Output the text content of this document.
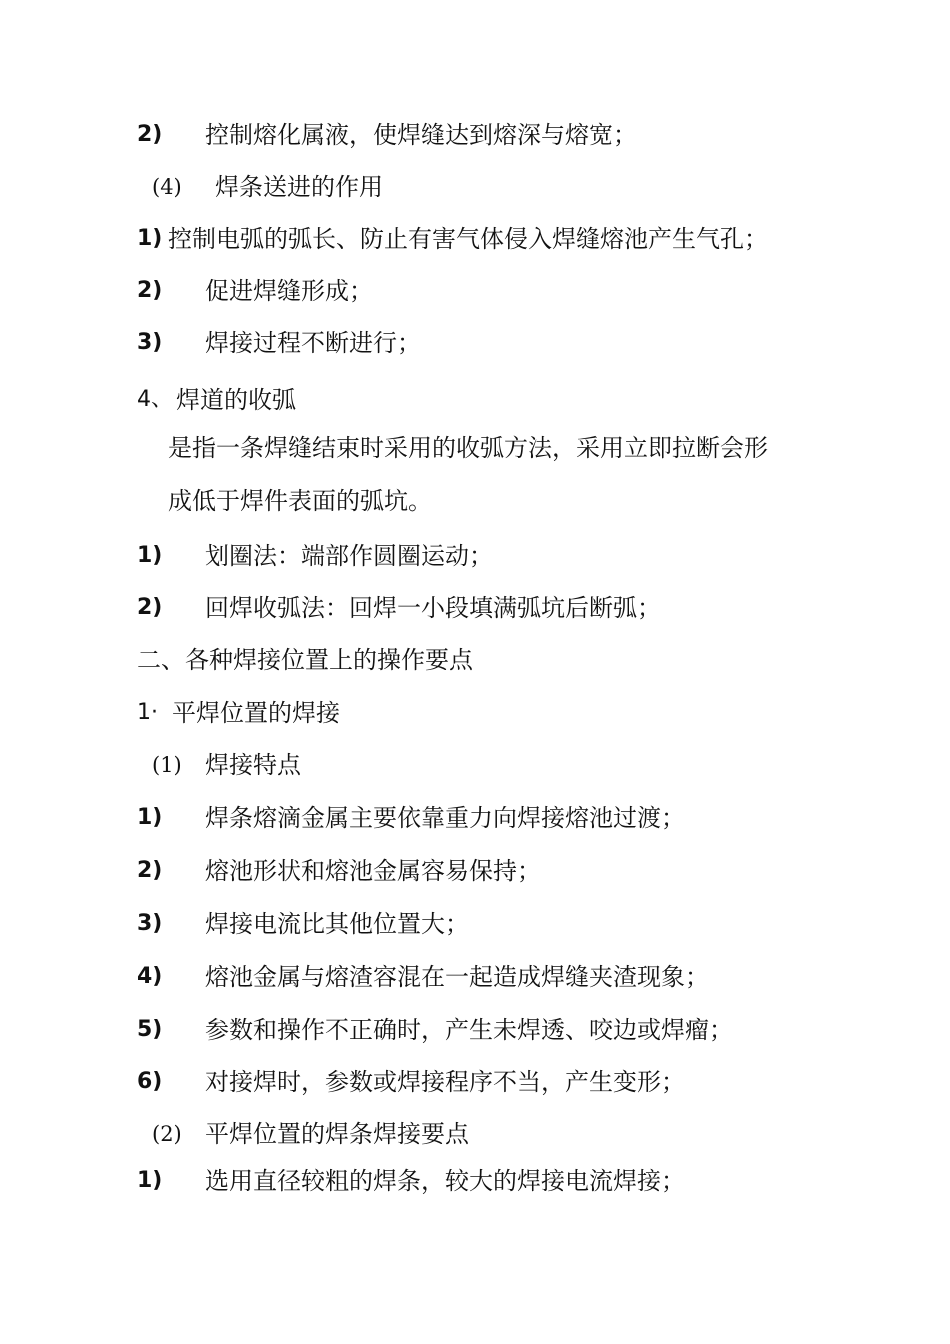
2) 控制熔化属液，使焊缝达到熔深与熔宽；
(4) 焊条送进的作用
1) 控制电弧的弧长、防止有害气体侵入焊缝熔池产生气孔；
2) 促进焊缝形成；
3) 焊接过程不断进行；
4、 焊道的收弧
是指一条焊缝结束时采用的收弧方法，采用立即拉断会形
成低于焊件表面的弧坑。
1) 划圈法：端部作圆圈运动；
2) 回焊收弧法：回焊一小段填满弧坑后断弧；
二、各种焊接位置上的操作要点
1· 平焊位置的焊接
(1) 焊接特点
1) 焊条熔滴金属主要依靠重力向焊接熔池过渡；
2) 熔池形状和熔池金属容易保持；
3) 焊接电流比其他位置大；
4) 熔池金属与熔渣容混在一起造成焊缝夹渣现象；
5) 参数和操作不正确时，产生未焊透、咬边或焊瘤；
6) 对接焊时，参数或焊接程序不当，产生变形；
(2) 平焊位置的焊条焊接要点
1) 选用直径较粗的焊条，较大的焊接电流焊接；
